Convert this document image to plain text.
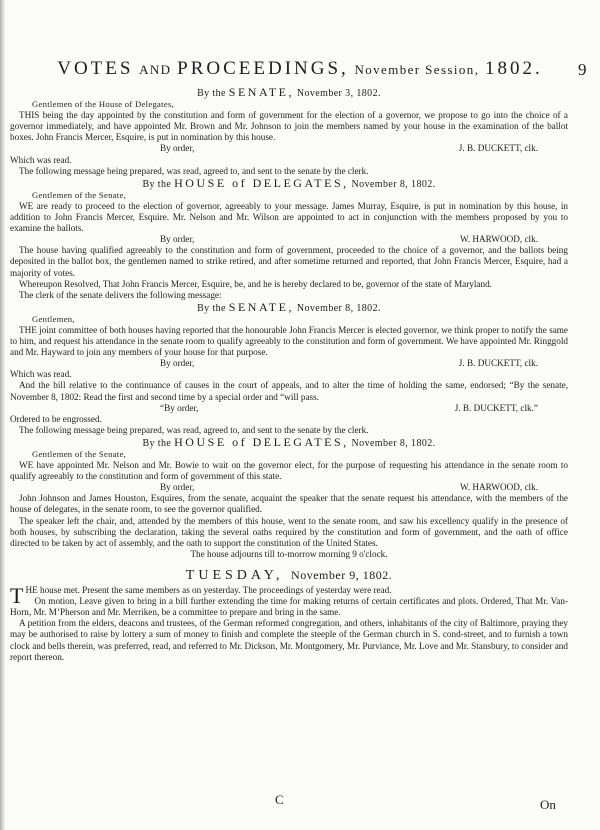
VOTES AND PROCEEDINGS, November Session, 1802.	9
By the SENATE, November 3, 1802.

Gentlemen of the House of Delegates,

THIS being the day appointed by the constitution and form of government for the election of a governor, we propose to go into the choice of a governor immediately, and have appointed Mr. Brown and Mr. Johnson to join the members named by your house in the examination of the ballot boxes. John Francis Mercer, Esquire, is put in nomination by this house.

By order,	J. B. DUCKETT, clk.

Which was read.

The following message being prepared, was read, agreed to, and sent to the senate by the clerk.

By the HOUSE of DELEGATES, November 8, 1802.

Gentlemen of the Senate,

WE are ready to proceed to the election of governor, agreeably to your message. James Murray, Esquire, is put in nomination by this house, in addition to John Francis Mercer, Esquire. Mr. Nelson and Mr. Wilson are appointed to act in conjunction with the members proposed by you to examine the ballots.

By order,	W. HARWOOD, clk.

The house having qualified agreeably to the constitution and form of government, proceeded to the choice of a governor, and the ballots being deposited in the ballot box, the gentlemen named to strike retired, and after sometime returned and reported, that John Francis Mercer, Esquire, had a majority of votes.

Whereupon Resolved, That John Francis Mercer, Esquire, be, and he is hereby declared to be, governor of the state of Maryland.

The clerk of the senate delivers the following message:

By the SENATE, November 8, 1802.

Gentlemen,

THE joint committee of both houses having reported that the honourable John Francis Mercer is elected governor, we think proper to notify the same to him, and request his attendance in the senate room to qualify agreeably to the constitution and form of government. We have appointed Mr. Ringgold and Mr. Hayward to join any members of your house for that purpose.

By order,	J. B. DUCKETT, clk.

Which was read.

And the bill relative to the continuance of causes in the court of appeals, and to alter the time of holding the same, endorsed; “By the senate, November 8, 1802: Read the first and second time by a special order and “will pass.

“By order,	J. B. DUCKETT, clk.”

Ordered to be engrossed.

The following message being prepared, was read, agreed to, and sent to the senate by the clerk.

By the HOUSE of DELEGATES, November 8, 1802.

Gentlemen of the Senate,

WE have appointed Mr. Nelson and Mr. Bowie to wait on the governor elect, for the purpose of requesting his attendance in the senate room to qualify agreeably to the constitution and form of government of this state.

By order,	W. HARWOOD, clk.

John Johnson and James Houston, Esquires, from the senate, acquaint the speaker that the senate request his attendance, with the members of the house of delegates, in the senate room, to see the governor qualified.

The speaker left the chair, and, attended by the members of this house, went to the senate room, and saw his excellency qualify in the presence of both houses, by subscribing the declaration, taking the several oaths required by the constitution and form of government, and the oath of office directed to be taken by act of assembly, and the oath to support the constitution of the United States.

The house adjourns till to-morrow morning 9 o'clock.

TUESDAY, November 9, 1802.

THE house met. Present the same members as on yesterday. The proceedings of yesterday were read.

On motion, Leave given to bring in a bill further extending the time for making returns of certain certificates and plots. Ordered, That Mr. Van-Horn, Mr. M’Pherson and Mr. Merriken, be a committee to prepare and bring in the same.

A petition from the elders, deacons and trustees, of the German reformed congregation, and others, inhabitants of the city of Baltimore, praying they may be authorised to raise by lottery a sum of money to finish and complete the steeple of the German church in S. cond-street, and to furnish a town clock and bells therein, was preferred, read, and referred to Mr. Dickson, Mr. Montgomery, Mr. Purviance, Mr. Love and Mr. Stansbury, to consider and report thereon.

C	On
